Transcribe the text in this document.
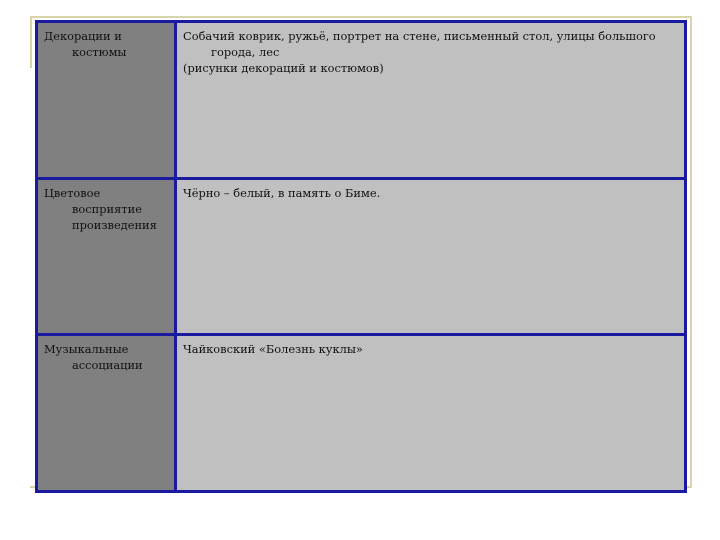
Декорации и костюмы	Собачий коврик, ружьё, портрет на стене, письменный стол, улицы большого города, лес
(рисунки декораций и костюмов)

Цветовое восприятие произведения	Чёрно – белый, в память о Биме.

Музыкальные ассоциации	Чайковский «Болезнь куклы»
